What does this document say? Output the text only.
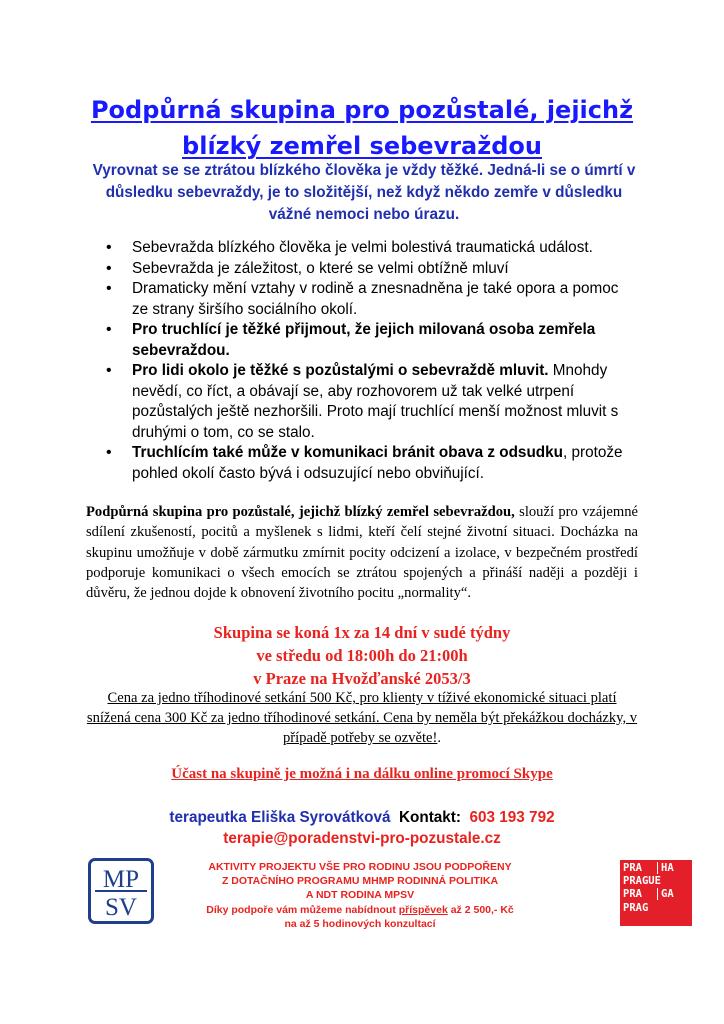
Podpůrná skupina pro pozůstalé, jejichž
blízký zemřel sebevraždou
Vyrovnat se se ztrátou blízkého člověka je vždy těžké. Jedná-li se o úmrtí v důsledku sebevraždy, je to složitější, než když někdo zemře v důsledku vážné nemoci nebo úrazu.
• Sebevražda blízkého člověka je velmi bolestivá traumatická událost.
• Sebevražda je záležitost, o které se velmi obtížně mluví
• Dramaticky mění vztahy v rodině a znesnadněna je také opora a pomoc ze strany širšího sociálního okolí.
• Pro truchlící je těžké přijmout, že jejich milovaná osoba zemřela sebevraždou.
• Pro lidi okolo je těžké s pozůstalými o sebevraždě mluvit. Mnohdy nevědí, co říct, a obávají se, aby rozhovorem už tak velké utrpení pozůstalých ještě nezhoršili. Proto mají truchlící menší možnost mluvit s druhými o tom, co se stalo.
• Truchlícím také může v komunikaci bránit obava z odsudku, protože pohled okolí často bývá i odsuzující nebo obviňující.
Podpůrná skupina pro pozůstalé, jejichž blízký zemřel sebevraždou, slouží pro vzájemné sdílení zkušeností, pocitů a myšlenek s lidmi, kteří čelí stejné životní situaci. Docházka na skupinu umožňuje v době zármutku zmírnit pocity odcizení a izolace, v bezpečném prostředí podporuje komunikaci o všech emocích se ztrátou spojených a přináší naději a později i důvěru, že jednou dojde k obnovení životního pocitu „normality“.
Skupina se koná 1x za 14 dní v sudé týdny
ve středu od 18:00h do 21:00h
v Praze na Hvožďanské 2053/3
Cena za jedno tříhodinové setkání 500 Kč, pro klienty v tíživé ekonomické situaci platí snížená cena 300 Kč za jedno tříhodinové setkání. Cena by neměla být překážkou docházky, v případě potřeby se ozvěte!.
Účast na skupině je možná i na dálku online promocí Skype
terapeutka Eliška Syrovátková Kontakt: 603 193 792
terapie@poradenstvi-pro-pozustale.cz
MP
SV
AKTIVITY PROJEKTU VŠE PRO RODINU JSOU PODPOŘENY
Z DOTAČNÍHO PROGRAMU MHMP RODINNÁ POLITIKA
A NDT RODINA MPSV
Díky podpoře vám můžeme nabídnout příspěvek až 2 500,- Kč
na až 5 hodinových konzultací
PRA	HA
PRAGUE
PRA	GA
PRAG
